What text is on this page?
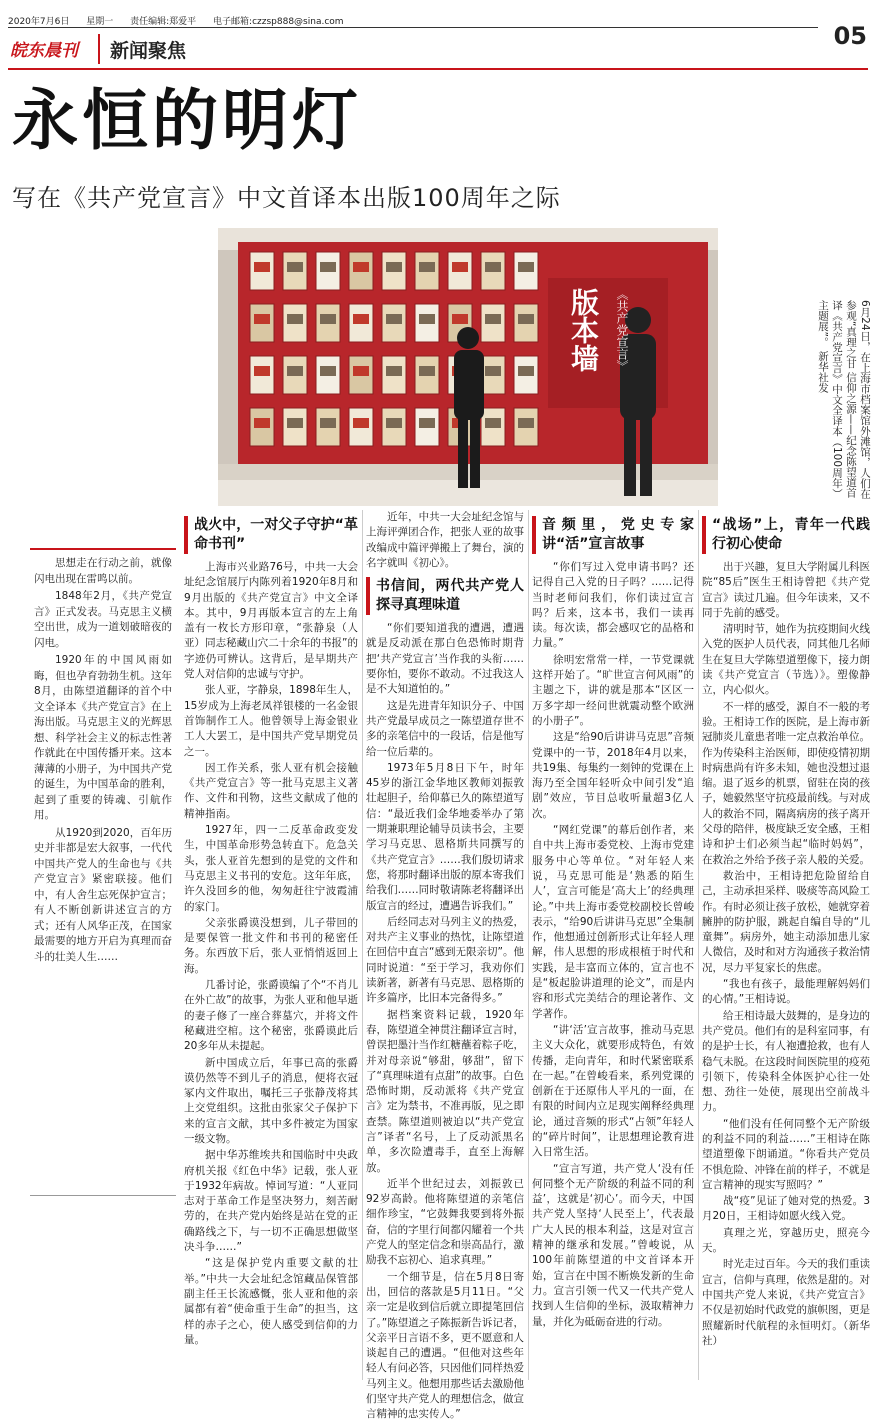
2020年7月6日 星期一 责任编辑:郑爱平 电子邮箱:czzsp888@sina.com	05
皖东晨刊 新闻聚焦
永恒的明灯
写在《共产党宣言》中文首译本出版100周年之际
版本墙	《共产党宣言》	6月24日，在上海市档案馆外滩馆，人们在参观“真理之甘 信仰之源——纪念陈望道首译《共产党宣言》中文全译本（100周年）主题展”。 新华社发

思想走在行动之前，就像闪电出现在雷鸣以前。

1848年2月，《共产党宣言》正式发表。马克思主义横空出世，成为一道划破暗夜的闪电。

1920年的中国风雨如晦，但也孕育勃勃生机。这年8月，由陈望道翻译的首个中文全译本《共产党宣言》在上海出版。马克思主义的光辉思想、科学社会主义的标志性著作就此在中国传播开来。这本薄薄的小册子，为中国共产党的诞生，为中国革命的胜利，起到了重要的铸魂、引航作用。

从1920到2020，百年历史并非都是宏大叙事，一代代中国共产党人的生命也与《共产党宣言》紧密联接。他们中，有人舍生忘死保护宣言；有人不断创新讲述宣言的方式；还有人风华正茂，在国家最需要的地方开启为真理而奋斗的壮美人生……

战火中，一对父子守护“革命书刊”

上海市兴业路76号，中共一大会址纪念馆展厅内陈列着1920年8月和9月出版的《共产党宣言》中文全译本。其中，9月再版本宣言的左上角盖有一枚长方形印章，“张静泉（人亚）同志秘藏山穴二十余年的书报”的字迹仍可辨认。这背后，是早期共产党人对信仰的忠诚与守护。

张人亚，字静泉，1898年生人，15岁成为上海老凤祥银楼的一名金银首饰制作工人。他曾领导上海金银业工人大罢工，是中国共产党早期党员之一。

因工作关系，张人亚有机会接触《共产党宣言》等一批马克思主义著作、文件和刊物，这些文献成了他的精神指南。

1927年，四一二反革命政变发生，中国革命形势急转直下。危急关头，张人亚首先想到的是党的文件和马克思主义书刊的安危。这年年底，许久没回乡的他，匆匆赶往宁波霞浦的家门。

父亲张爵谟没想到，儿子带回的是要保管一批文件和书刊的秘密任务。东西放下后，张人亚悄悄返回上海。

几番讨论，张爵谟编了个“不肖儿在外亡故”的故事，为张人亚和他早逝的妻子修了一座合葬墓穴，并将文件秘藏进空棺。这个秘密，张爵谟此后20多年从未提起。

新中国成立后，年事已高的张爵谟仍然等不到儿子的消息，便将衣冠冢内文件取出，嘱托三子张静茂将其上交党组织。这批由张家父子保护下来的宣言文献，其中多件被定为国家一级文物。

据中华苏维埃共和国临时中央政府机关报《红色中华》记载，张人亚于1932年病故。悼词写道：“人亚同志对于革命工作是坚决努力，刻苦耐劳的，在共产党内始终是站在党的正确路线之下，与一切不正确思想做坚决斗争……”

“这是保护党内重要文献的壮举。”中共一大会址纪念馆藏品保管部副主任王长流感慨，张人亚和他的亲属都有着“使命重于生命”的担当，这样的赤子之心，使人感受到信仰的力量。

近年，中共一大会址纪念馆与上海评弹团合作，把张人亚的故事改编成中篇评弹搬上了舞台，演的名字就叫《初心》。

书信间，两代共产党人探寻真理味道

“你们要知道我的遭遇，遭遇就是反动派在那白色恐怖时期背把‘共产党宣言’当作我的头衔……要你怕，要你不敢动。不过我这人是不大知道怕的。”

这是先进青年知识分子、中国共产党最早成员之一陈望道存世不多的亲笔信中的一段话，信是他写给一位后辈的。

1973年5月8日下午，时年45岁的浙江金华地区教师刘振敦壮起胆子，给仰慕已久的陈望道写信：“最近我们金华地委举办了第一期兼职理论辅导员读书会，主要学习马克思、恩格斯共同撰写的《共产党宣言》……我们殷切请求您，将那时翻译出版的原本寄我们给我们……同时敬请陈老将翻译出版宣言的经过，遭遇告诉我们。”

后经同志对马列主义的热爱，对共产主义事业的热忱，让陈望道在回信中直言“感到无限亲切”。他同时说道：“至于学习，我劝你们读新著，新著有马克思、恩格斯的许多篇序，比旧本完备得多。”

据档案资料记载，1920年春，陈望道全神贯注翻译宣言时，曾误把墨汁当作红糖蘸着粽子吃，并对母亲说“够甜，够甜”，留下了“真理味道有点甜”的故事。白色恐怖时期，反动派将《共产党宣言》定为禁书，不准再版，见之即查禁。陈望道则被迫以“共产党宣言”译者“名号，上了反动派黑名单，多次险遭毒手，直至上海解放。

近半个世纪过去，刘振敦已92岁高龄。他将陈望道的亲笔信细作珍宝，“它鼓舞我要到将外振奋，信的字里行间都闪耀着一个共产党人的坚定信念和崇高品行，激励我不忘初心、追求真理。”

一个细节是，信在5月8日寄出，回信的落款是5月11日。“父亲一定是收到信后就立即提笔回信了。”陈望道之子陈振新告诉记者，父亲平日言语不多，更不愿意和人谈起自己的遭遇。“但他对这些年轻人有问必答，只因他们同样热爱马列主义。他想用那些话去激励他们坚守共产党人的理想信念，做宣言精神的忠实传人。”

音频里，党史专家讲“活”宣言故事

“你们写过入党申请书吗？还记得自己入党的日子吗？……记得当时老师问我们，你们读过宣言吗？后来，这本书，我们一读再读。每次读，都会感叹它的品格和力量。”

徐明宏常常一样，一节党课就这样开始了。“旷世宣言何风雨”的主题之下，讲的就是那本“区区一万多字却一经问世就震动整个欧洲的小册子”。

这是“给90后讲讲马克思”音频党课中的一节，2018年4月以来，共19集、每集约一刻钟的党课在上海乃至全国年轻听众中间引发“追剧”效应，节目总收听量超3亿人次。

“网红党课”的幕后创作者，来自中共上海市委党校、上海市党建服务中心等单位。“对年轻人来说，马克思可能是‘熟悉的陌生人’，宣言可能是‘高大上’的经典理论。”中共上海市委党校副校长曾峻表示，“给90后讲讲马克思”全集制作，他想通过创新形式让年轻人理解，伟人思想的形成根植于时代和实践，是丰富而立体的，宣言也不是“板起脸讲道理的论文”，而是内容和形式完美结合的理论著作、文学著作。

“讲‘活’宣言故事，推动马克思主义大众化，就要形成特色，有效传播，走向青年，和时代紧密联系在一起。”在曾峻看来，系列党课的创新在于还原伟人平凡的一面，在有限的时间内立足现实阐释经典理论，通过音频的形式“占领”年轻人的“碎片时间”，让思想理论教育进入日常生活。

“宣言写道，共产党人‘没有任何同整个无产阶级的利益不同的利益’，这就是‘初心’。而今天，中国共产党人坚持‘人民至上’，代表最广大人民的根本利益，这是对宣言精神的继承和发展。”曾峻说，从100年前陈望道的中文首译本开始，宣言在中国不断焕发新的生命力。宣言引领一代又一代共产党人找到人生信仰的坐标，汲取精神力量，并化为砥砺奋进的行动。

“战场”上，青年一代践行初心使命

出于兴趣，复旦大学附属儿科医院“85后”医生王相诗曾把《共产党宣言》读过几遍。但今年读来，又不同于先前的感受。

清明时节，她作为抗疫期间火线入党的医护人员代表，同其他几名师生在复旦大学陈望道塑像下，接力朗读《共产党宣言（节选）》。塑像静立，内心似火。

不一样的感受，源自不一般的考验。王相诗工作的医院，是上海市新冠肺炎儿童患者唯一定点救治单位。作为传染科主治医师，即使疫情初期时病患尚有许多未知，她也没想过退缩。退了返乡的机票，留驻在岗的孩子，她毅然坚守抗疫最前线。与对成人的救治不同，隔离病房的孩子离开父母的陪伴，极度缺乏安全感，王相诗和护士们必须当起“临时妈妈”，在救治之外给予孩子亲人般的关爱。

救治中，王相诗把危险留给自己，主动承担采样、吸痰等高风险工作。有时必须让孩子放松，她就穿着臃肿的防护服，跳起自编自导的“儿童舞”。病房外，她主动添加患儿家人微信，及时和对方沟通孩子救治情况，尽力平复家长的焦虑。

“我也有孩子，最能理解妈妈们的心情。”王相诗说。

给王相诗最大鼓舞的，是身边的共产党员。他们有的是科室同事，有的是护士长，有人袍遭抢救，也有人稳气未脱。在这段时间医院里的疫苑引领下，传染科全体医护心往一处想、劲往一处使，展现出空前战斗力。

“他们没有任何同整个无产阶级的利益不同的利益……”王相诗在陈望道塑像下朗诵道。“你看共产党员不惧危险、冲锋在前的样子，不就是宣言精神的现实写照吗？”

战“疫”见证了她对党的热爱。3月20日，王相诗如愿火线入党。

真理之光，穿越历史，照亮今天。

时光走过百年。今天的我们重读宣言，信仰与真理，依然是甜的。对中国共产党人来说，《共产党宣言》不仅是初始时代政党的旗帜图，更是照耀新时代航程的永恒明灯。（新华社）
